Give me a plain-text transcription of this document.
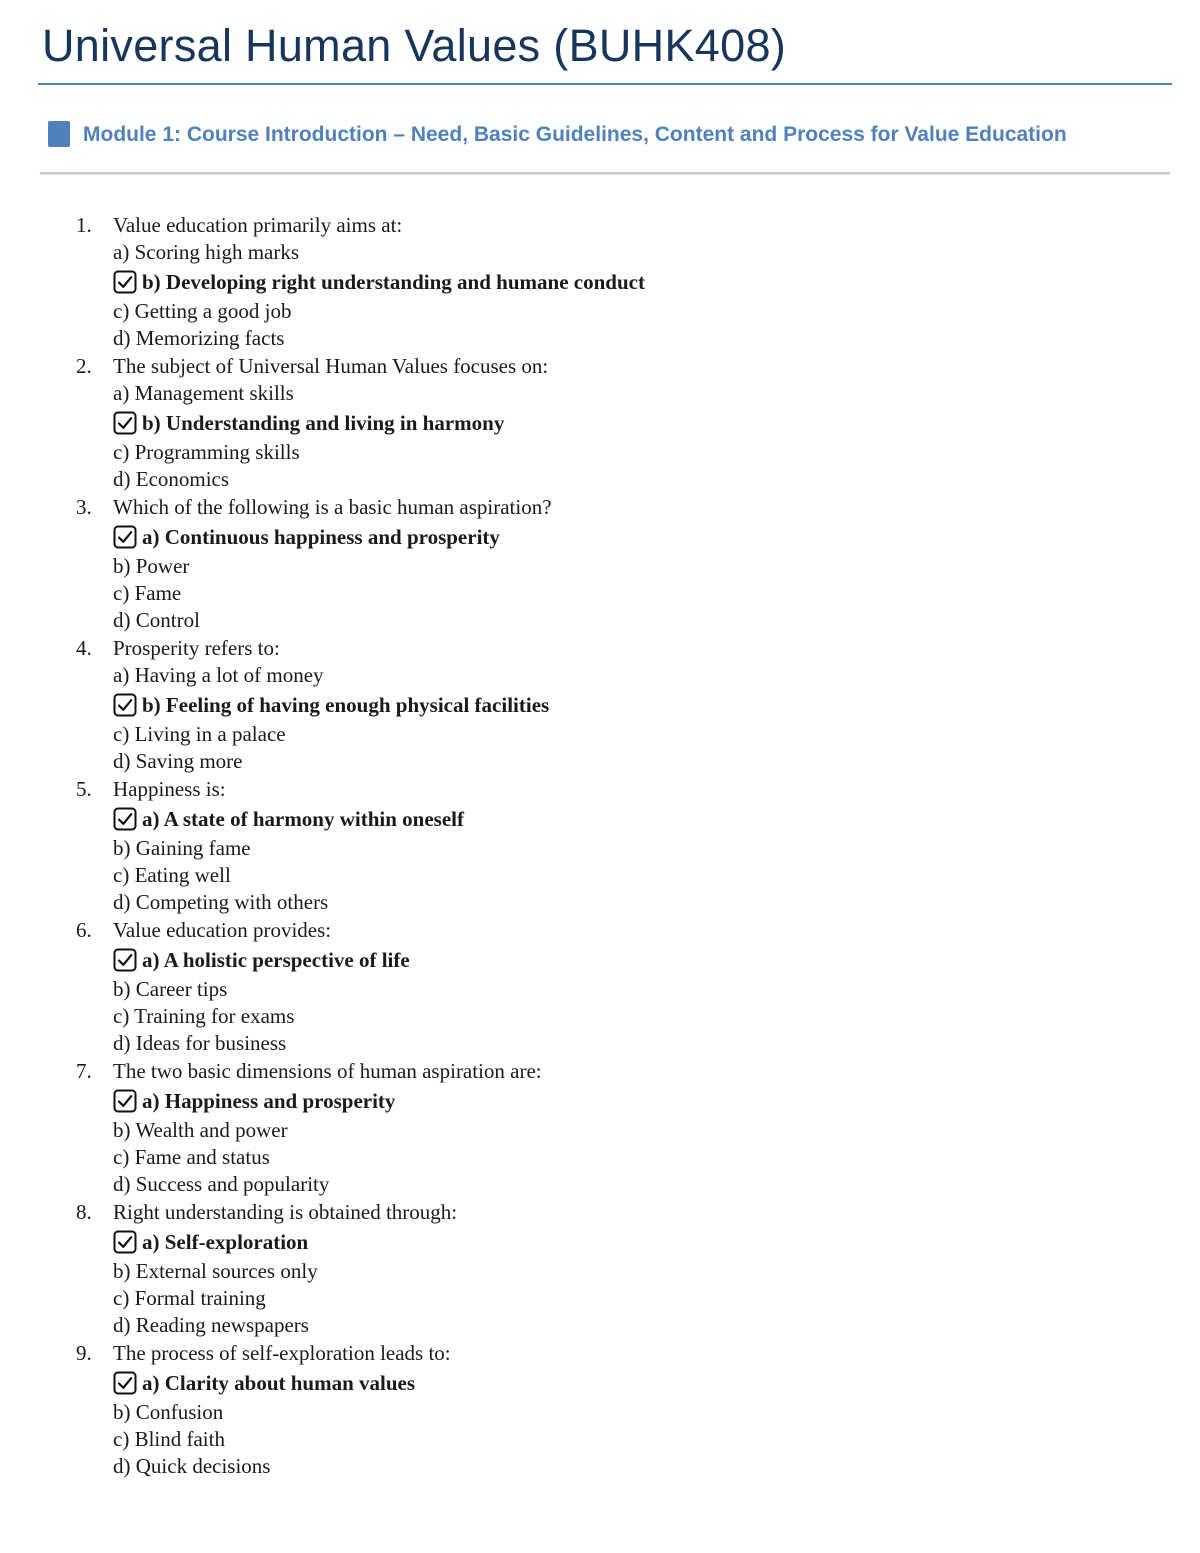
Universal Human Values (BUHK408)
Module 1: Course Introduction – Need, Basic Guidelines, Content and Process for Value Education
1.	Value education primarily aims at:
a) Scoring high marks
b) Developing right understanding and humane conduct
c) Getting a good job
d) Memorizing facts
2.	The subject of Universal Human Values focuses on:
a) Management skills
b) Understanding and living in harmony
c) Programming skills
d) Economics
3.	Which of the following is a basic human aspiration?
a) Continuous happiness and prosperity
b) Power
c) Fame
d) Control
4.	Prosperity refers to:
a) Having a lot of money
b) Feeling of having enough physical facilities
c) Living in a palace
d) Saving more
5.	Happiness is:
a) A state of harmony within oneself
b) Gaining fame
c) Eating well
d) Competing with others
6.	Value education provides:
a) A holistic perspective of life
b) Career tips
c) Training for exams
d) Ideas for business
7.	The two basic dimensions of human aspiration are:
a) Happiness and prosperity
b) Wealth and power
c) Fame and status
d) Success and popularity
8.	Right understanding is obtained through:
a) Self-exploration
b) External sources only
c) Formal training
d) Reading newspapers
9.	The process of self-exploration leads to:
a) Clarity about human values
b) Confusion
c) Blind faith
d) Quick decisions
